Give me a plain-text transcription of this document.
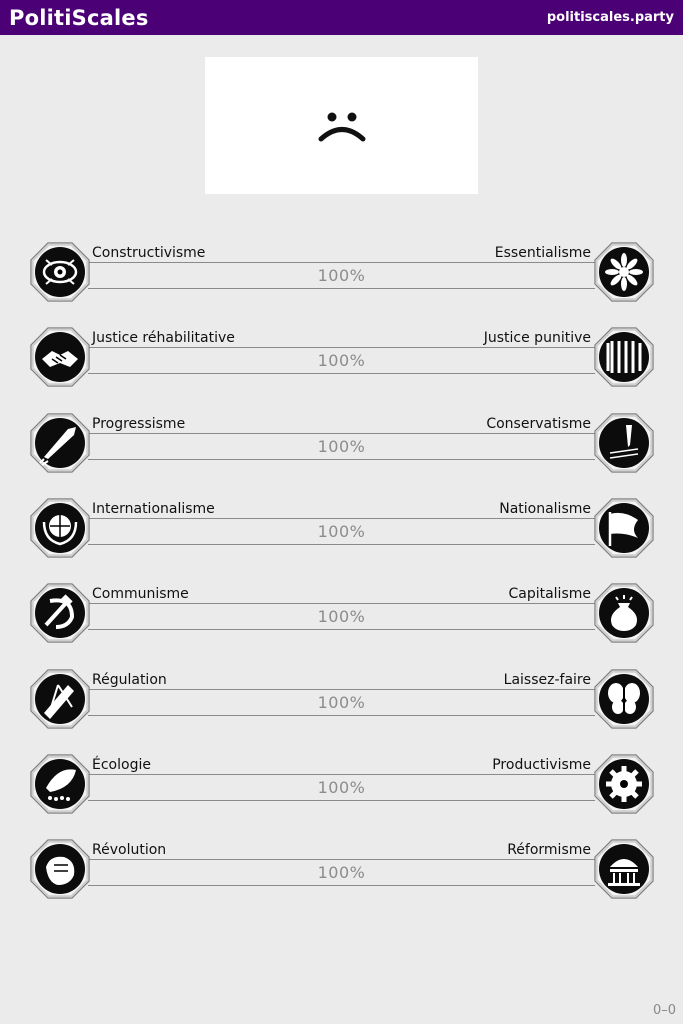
PolitiScales	politiscales.party
100%
Constructivisme	Essentialisme
100%
Justice réhabilitative	Justice punitive
100%
Progressisme	Conservatisme
100%
Internationalisme	Nationalisme
100%
Communisme	Capitalisme
100%
Régulation	Laissez-faire
100%
Écologie	Productivisme
100%
Révolution	Réformisme
0–0
